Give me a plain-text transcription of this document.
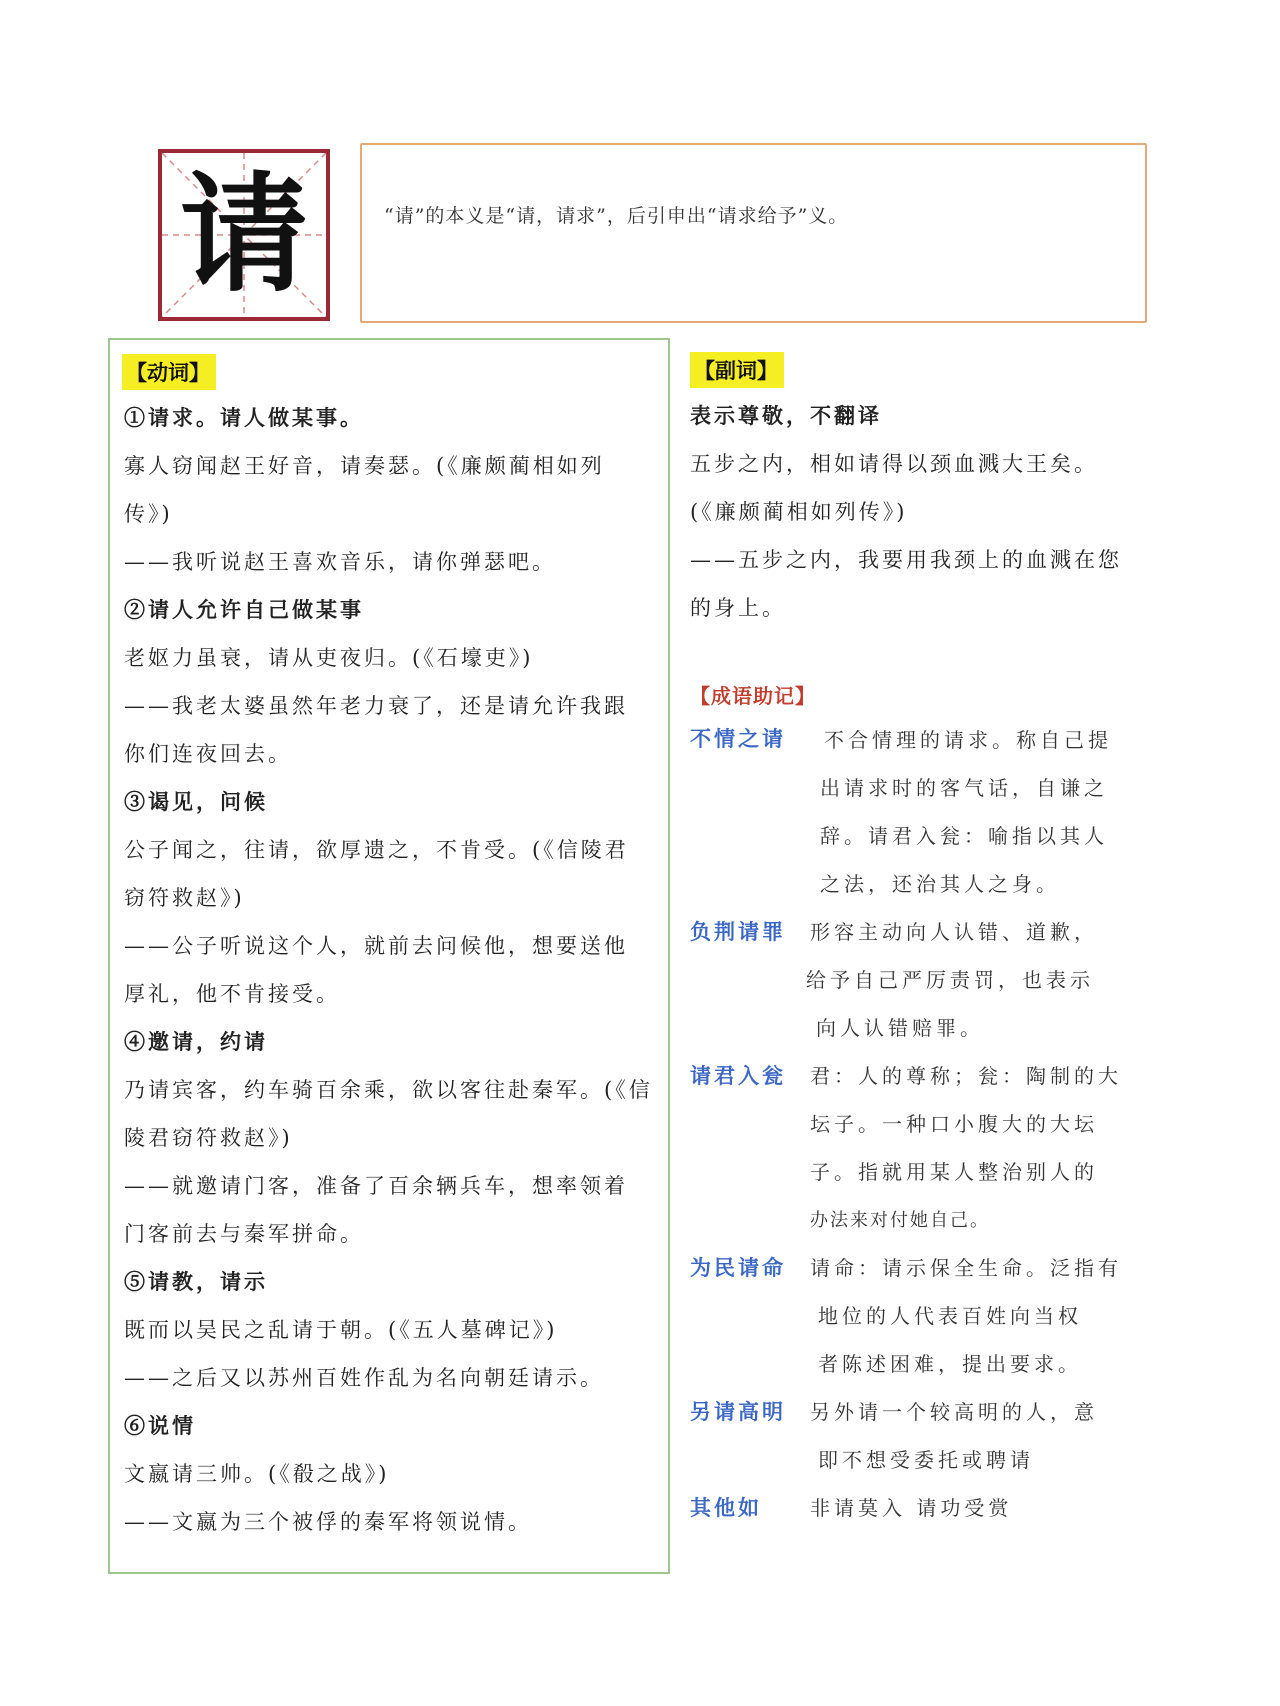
请	“请”的本义是“请，请求”，后引申出“请求给予”义。
【动词】
①请求。请人做某事。
寡人窃闻赵王好音，请奏瑟。(《廉颇蔺相如列
传》)
——我听说赵王喜欢音乐，请你弹瑟吧。
②请人允许自己做某事
老妪力虽衰，请从吏夜归。(《石壕吏》)
——我老太婆虽然年老力衰了，还是请允许我跟
你们连夜回去。
③谒见，问候
公子闻之，往请，欲厚遗之，不肯受。(《信陵君
窃符救赵》)
——公子听说这个人，就前去问候他，想要送他
厚礼，他不肯接受。
④邀请，约请
乃请宾客，约车骑百余乘，欲以客往赴秦军。(《信
陵君窃符救赵》)
——就邀请门客，准备了百余辆兵车，想率领着
门客前去与秦军拼命。
⑤请教，请示
既而以吴民之乱请于朝。(《五人墓碑记》)
——之后又以苏州百姓作乱为名向朝廷请示。
⑥说情
文嬴请三帅。(《殽之战》)
——文嬴为三个被俘的秦军将领说情。
【副词】
表示尊敬，不翻译
五步之内，相如请得以颈血溅大王矣。
(《廉颇蔺相如列传》)
——五步之内，我要用我颈上的血溅在您
的身上。
【成语助记】
不情之请 不合情理的请求。称自己提
出请求时的客气话，自谦之
辞。请君入瓮：喻指以其人
之法，还治其人之身。
负荆请罪 形容主动向人认错、道歉，
给予自己严厉责罚，也表示
向人认错赔罪。
请君入瓮 君：人的尊称；瓮：陶制的大
坛子。一种口小腹大的大坛
子。指就用某人整治别人的
办法来对付她自己。
为民请命 请命：请示保全生命。泛指有
地位的人代表百姓向当权
者陈述困难，提出要求。
另请高明 另外请一个较高明的人，意
即不想受委托或聘请
其他如 非请莫入 请功受赏
